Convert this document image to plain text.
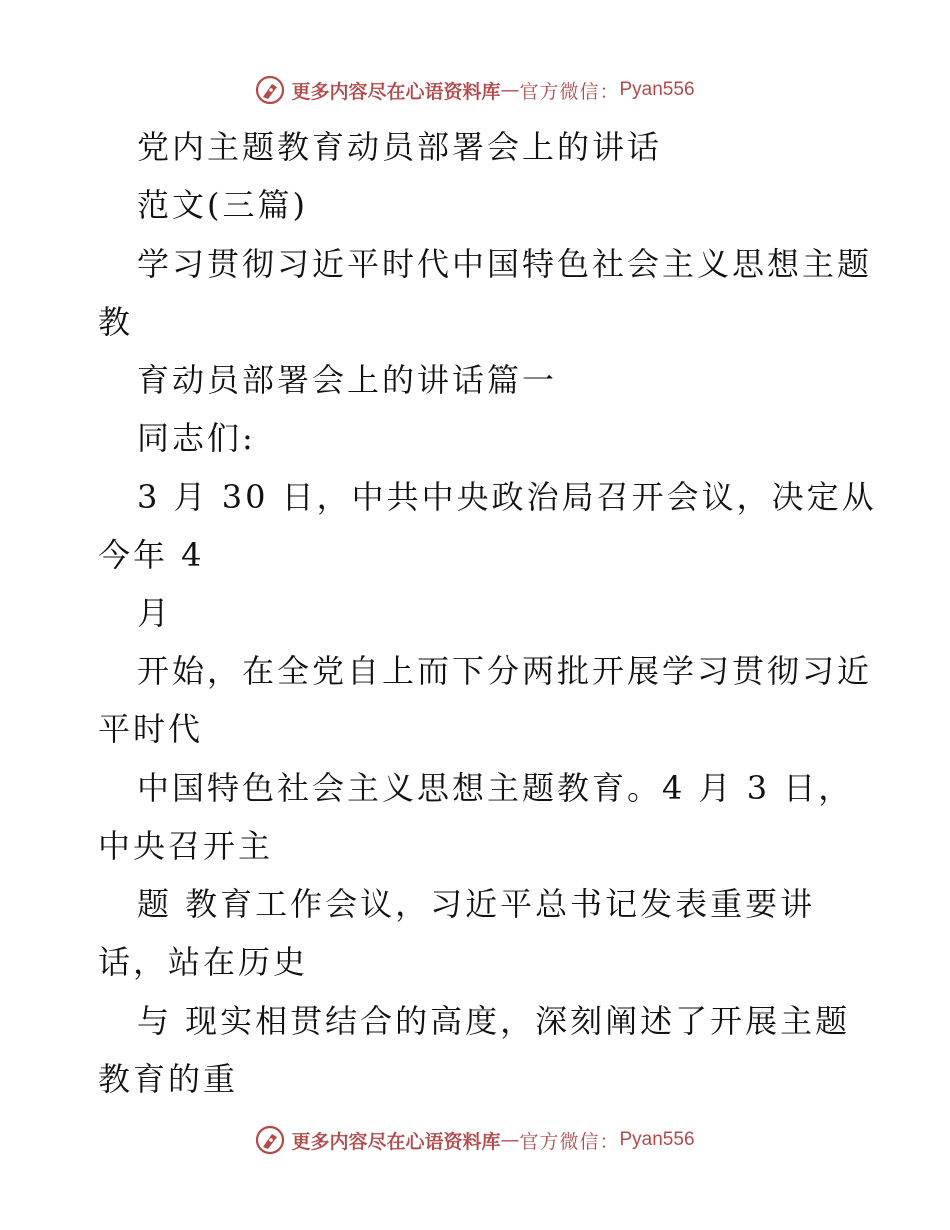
更多内容尽在心语资料库 — 官方微信： Pyan556
党内主题教育动员部署会上的讲话
范文(三篇)
学习贯彻习近平时代中国特色社会主义思想主题
教
育动员部署会上的讲话篇一
同志们:
3 月 30 日，中共中央政治局召开会议，决定从
今年 4
月
开始，在全党自上而下分两批开展学习贯彻习近
平时代
中国特色社会主义思想主题教育。4 月 3 日，
中央召开主
题 教育工作会议，习近平总书记发表重要讲
话，站在历史
与 现实相贯结合的高度，深刻阐述了开展主题
教育的重
更多内容尽在心语资料库 — 官方微信： Pyan556
